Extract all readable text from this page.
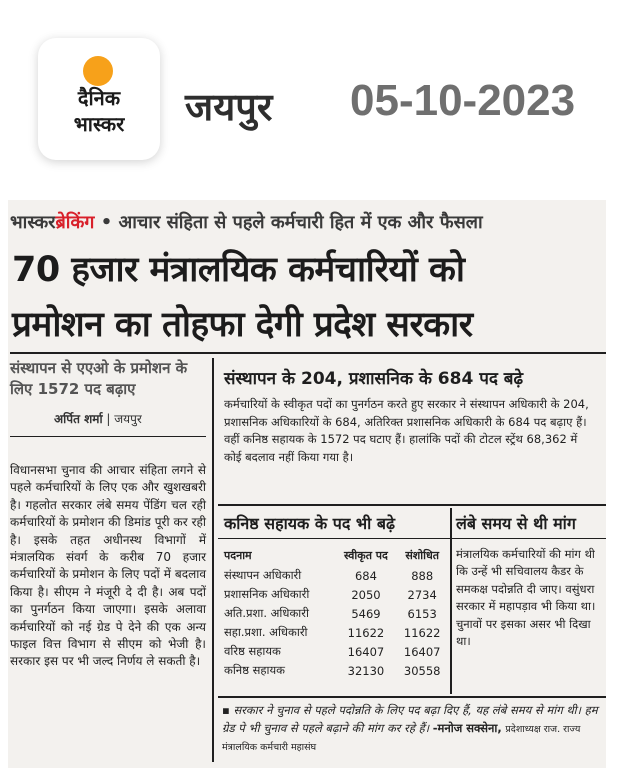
दैनिक
भास्कर	जयपुर 05-10-2023
भास्करब्रेकिंग • आचार संहिता से पहले कर्मचारी हित में एक और फैसला
70 हजार मंत्रालयिक कर्मचारियों को
प्रमोशन का तोहफा देगी प्रदेश सरकार
संस्थापन से एएओ के प्रमोशन के लिए 1572 पद बढ़ाए
अर्पित शर्मा | जयपुर
विधानसभा चुनाव की आचार संहिता लगने से पहले कर्मचारियों के लिए एक और खुशखबरी है। गहलोत सरकार लंबे समय पेंडिंग चल रही कर्मचारियों के प्रमोशन की डिमांड पूरी कर रही है। इसके तहत अधीनस्थ विभागों में मंत्रालयिक संवर्ग के करीब 70 हजार कर्मचारियों के प्रमोशन के लिए पदों में बदलाव किया है। सीएम ने मंजूरी दे दी है। अब पदों का पुनर्गठन किया जाएगा। इसके अलावा कर्मचारियों को नई ग्रेड पे देने की एक अन्य फाइल वित्त विभाग से सीएम को भेजी है। सरकार इस पर भी जल्द निर्णय ले सकती है।
संस्थापन के 204, प्रशासनिक के 684 पद बढ़े
कर्मचारियों के स्वीकृत पदों का पुनर्गठन करते हुए सरकार ने संस्थापन अधिकारी के 204, प्रशासनिक अधिकारियों के 684, अतिरिक्त प्रशासनिक अधिकारी के 684 पद बढ़ाए हैं। वहीं कनिष्ठ सहायक के 1572 पद घटाए हैं। हालांकि पदों की टोटल स्ट्रेंथ 68,362 में कोई बदलाव नहीं किया गया है।
कनिष्ठ सहायक के पद भी बढ़े	लंबे समय से थी मांग
पदनाम	स्वीकृत पद	संशोधित
संस्थापन अधिकारी	684	888
प्रशासनिक अधिकारी	2050	2734
अति.प्रशा. अधिकारी	5469	6153
सहा.प्रशा. अधिकारी	11622	11622
वरिष्ठ सहायक	16407	16407
कनिष्ठ सहायक	32130	30558
मंत्रालयिक कर्मचारियों की मांग थी कि उन्हें भी सचिवालय कैडर के समकक्ष पदोन्नति दी जाए। वसुंधरा सरकार में महापड़ाव भी किया था। चुनावों पर इसका असर भी दिखा था।
▪ सरकार ने चुनाव से पहले पदोन्नति के लिए पद बढ़ा दिए हैं, यह लंबे समय से मांग थी। हम ग्रेड पे भी चुनाव से पहले बढ़ाने की मांग कर रहे हैं। -मनोज सक्सेना, प्रदेशाध्यक्ष राज. राज्य मंत्रालयिक कर्मचारी महासंघ
